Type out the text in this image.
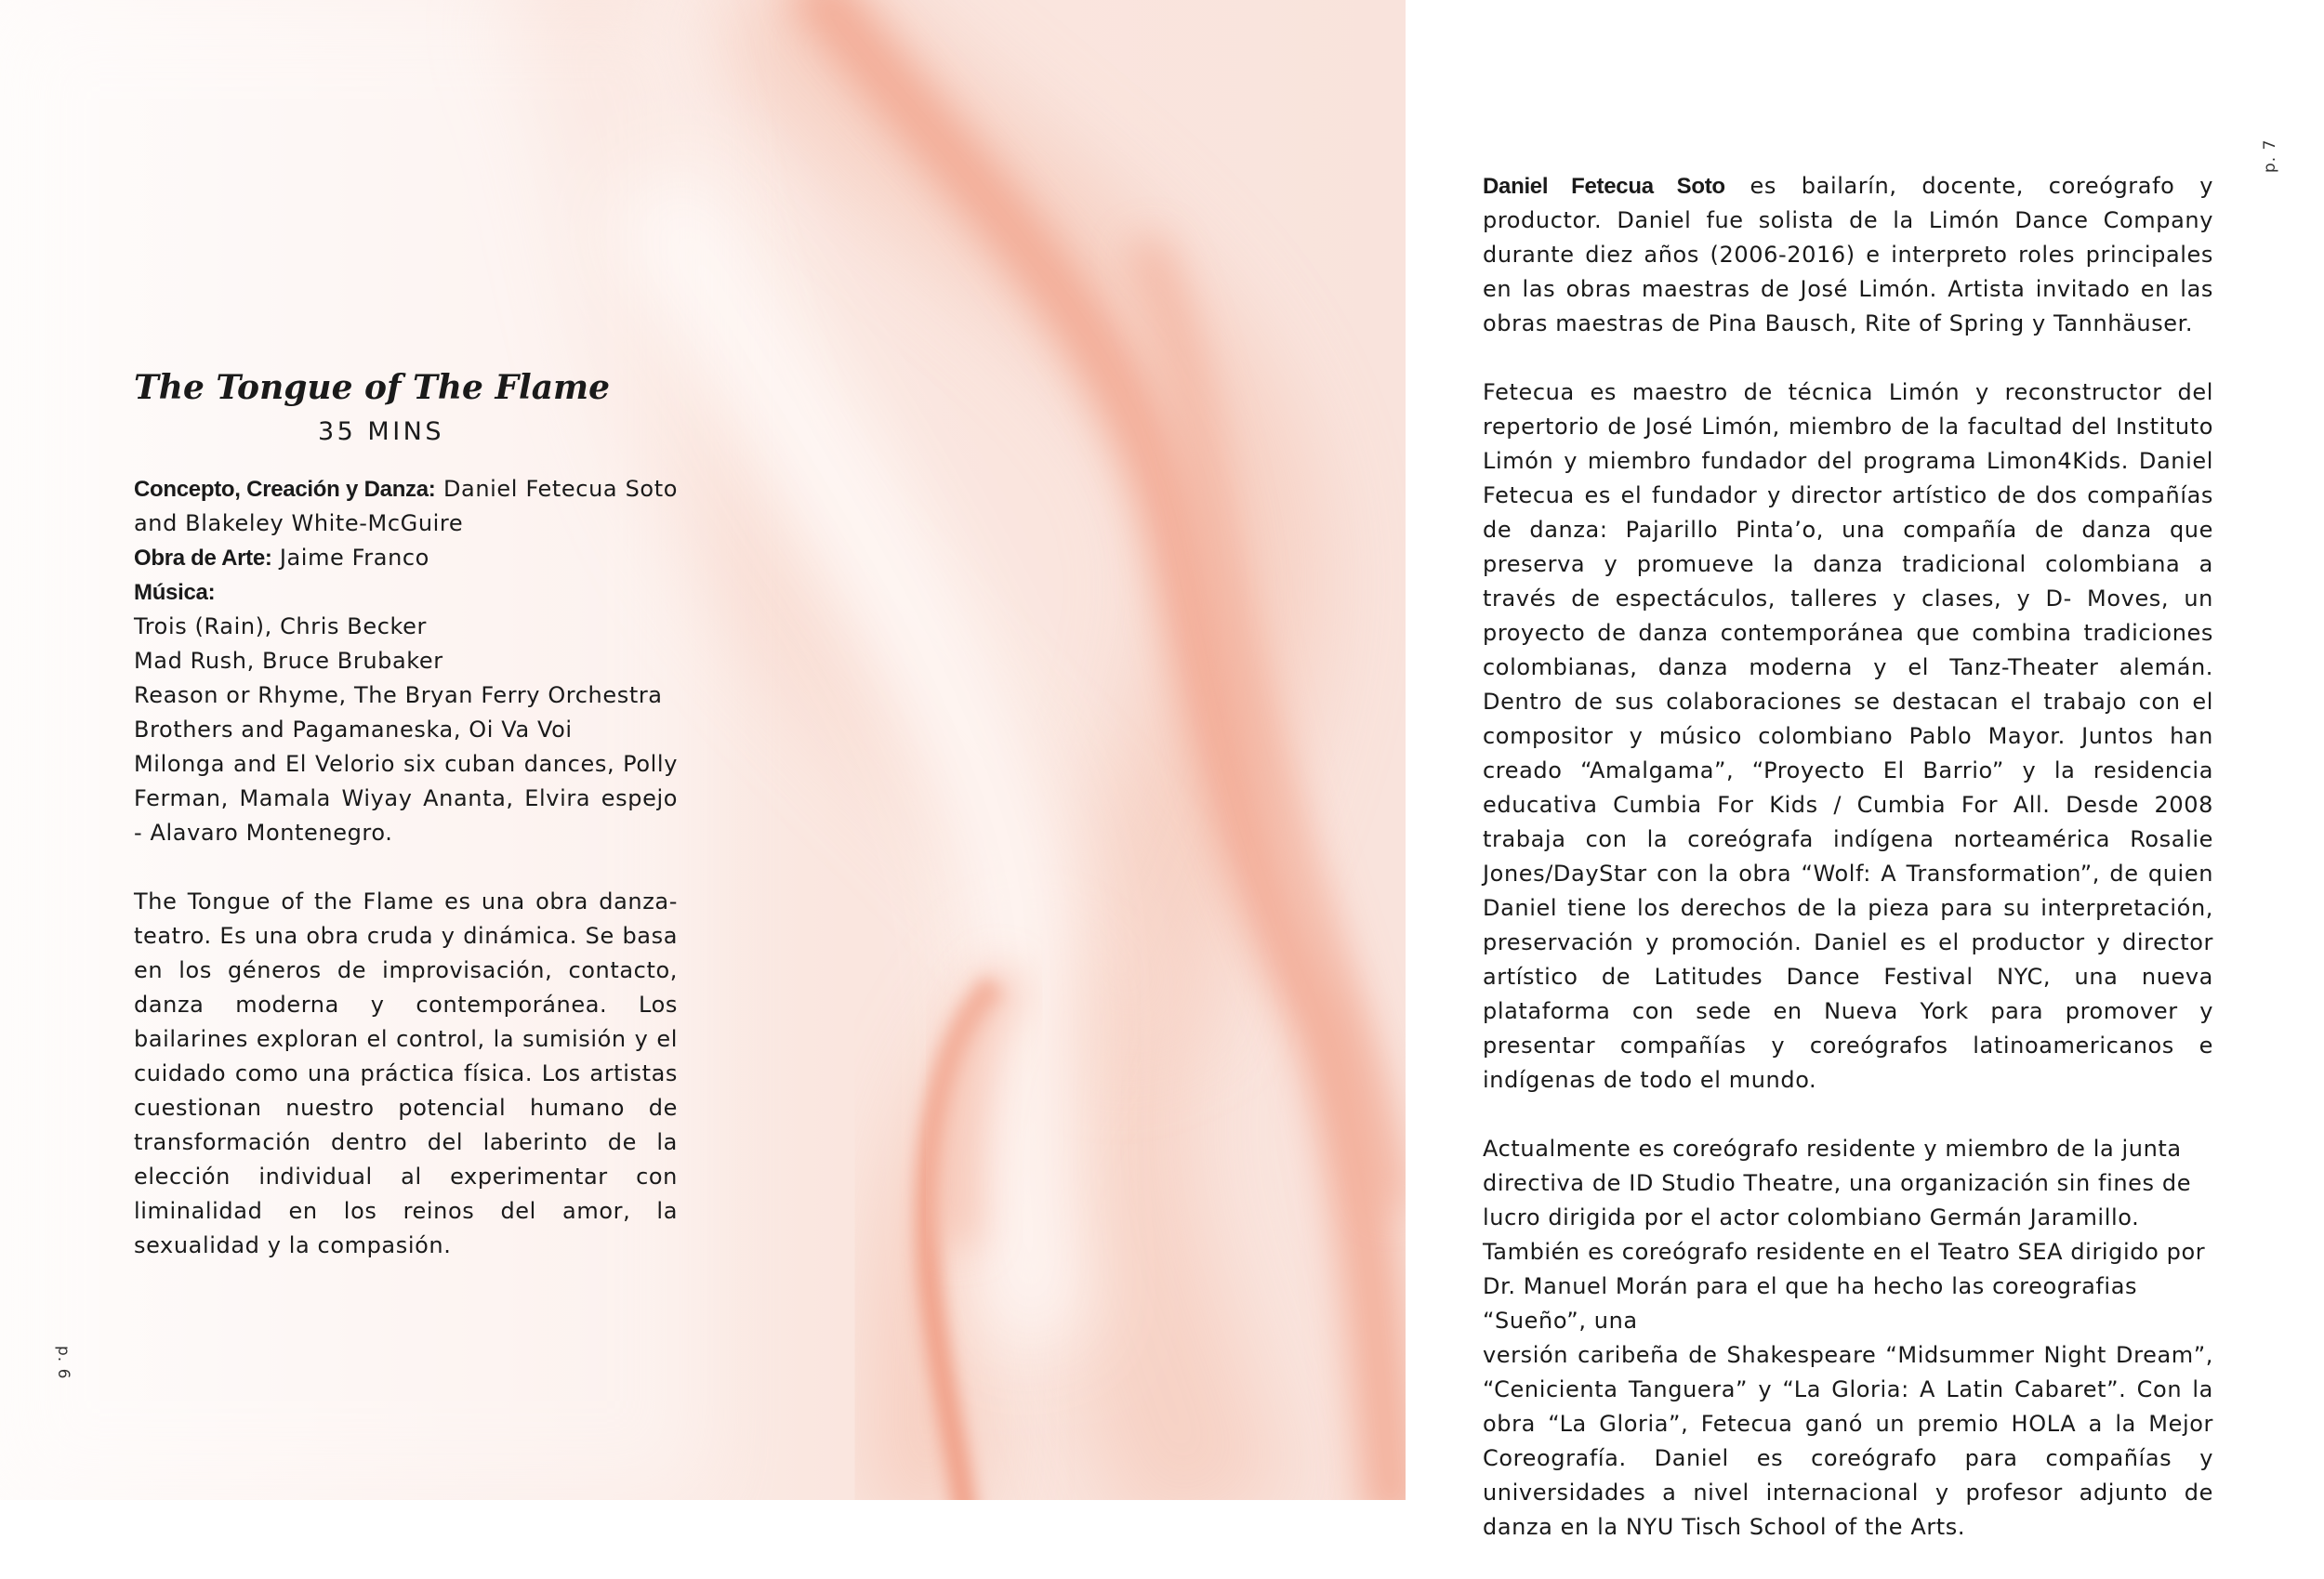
The Tongue of The Flame
35 MINS
Concepto, Creación y Danza: Daniel Fetecua Soto and Blakeley White-McGuire
Obra de Arte: Jaime Franco
Música:
Trois (Rain), Chris Becker
Mad Rush, Bruce Brubaker
Reason or Rhyme, The Bryan Ferry Orchestra
Brothers and Pagamaneska, Oi Va Voi
Milonga and El Velorio six cuban dances, Polly Ferman, Mamala Wiyay Ananta, Elvira espejo - Alavaro Montenegro.

The Tongue of the Flame es una obra danza-teatro. Es una obra cruda y dinámica. Se basa en los géneros de improvisación, contacto, danza moderna y contemporánea. Los bailarines exploran el control, la sumisión y el cuidado como una práctica física. Los artistas cuestionan nuestro potencial humano de transformación dentro del laberinto de la elección individual al experimentar con liminalidad en los reinos del amor, la sexualidad y la compasión.

p. 6

Daniel Fetecua Soto es bailarín, docente, coreógrafo y productor. Daniel fue solista de la Limón Dance Company durante diez años (2006-2016) e interpreto roles principales en las obras maestras de José Limón. Artista invitado en las obras maestras de Pina Bausch, Rite of Spring y Tannhäuser.

Fetecua es maestro de técnica Limón y reconstructor del repertorio de José Limón, miembro de la facultad del Instituto Limón y miembro fundador del programa Limon4Kids. Daniel Fetecua es el fundador y director artístico de dos compañías de danza: Pajarillo Pinta’o, una compañía de danza que preserva y promueve la danza tradicional colombiana a través de espectáculos, talleres y clases, y D- Moves, un proyecto de danza contemporánea que combina tradiciones colombianas, danza moderna y el Tanz-Theater alemán. Dentro de sus colaboraciones se destacan el trabajo con el compositor y músico colombiano Pablo Mayor. Juntos han creado “Amalgama”, “Proyecto El Barrio” y la residencia educativa Cumbia For Kids / Cumbia For All. Desde 2008 trabaja con la coreógrafa indígena norteamérica Rosalie Jones/DayStar con la obra “Wolf: A Transformation”, de quien Daniel tiene los derechos de la pieza para su interpretación, preservación y promoción. Daniel es el productor y director artístico de Latitudes Dance Festival NYC, una nueva plataforma con sede en Nueva York para promover y presentar compañías y coreógrafos latinoamericanos e indígenas de todo el mundo.

Actualmente es coreógrafo residente y miembro de la junta directiva de ID Studio Theatre, una organización sin fines de lucro dirigida por el actor colombiano Germán Jaramillo. También es coreógrafo residente en el Teatro SEA dirigido por Dr. Manuel Morán para el que ha hecho las coreografias “Sueño”, una
versión caribeña de Shakespeare “Midsummer Night Dream”, “Cenicienta Tanguera” y “La Gloria: A Latin Cabaret”. Con la obra “La Gloria”, Fetecua ganó un premio HOLA a la Mejor Coreografía. Daniel es coreógrafo para compañías y universidades a nivel internacional y profesor adjunto de danza en la NYU Tisch School of the Arts.

p. 7
